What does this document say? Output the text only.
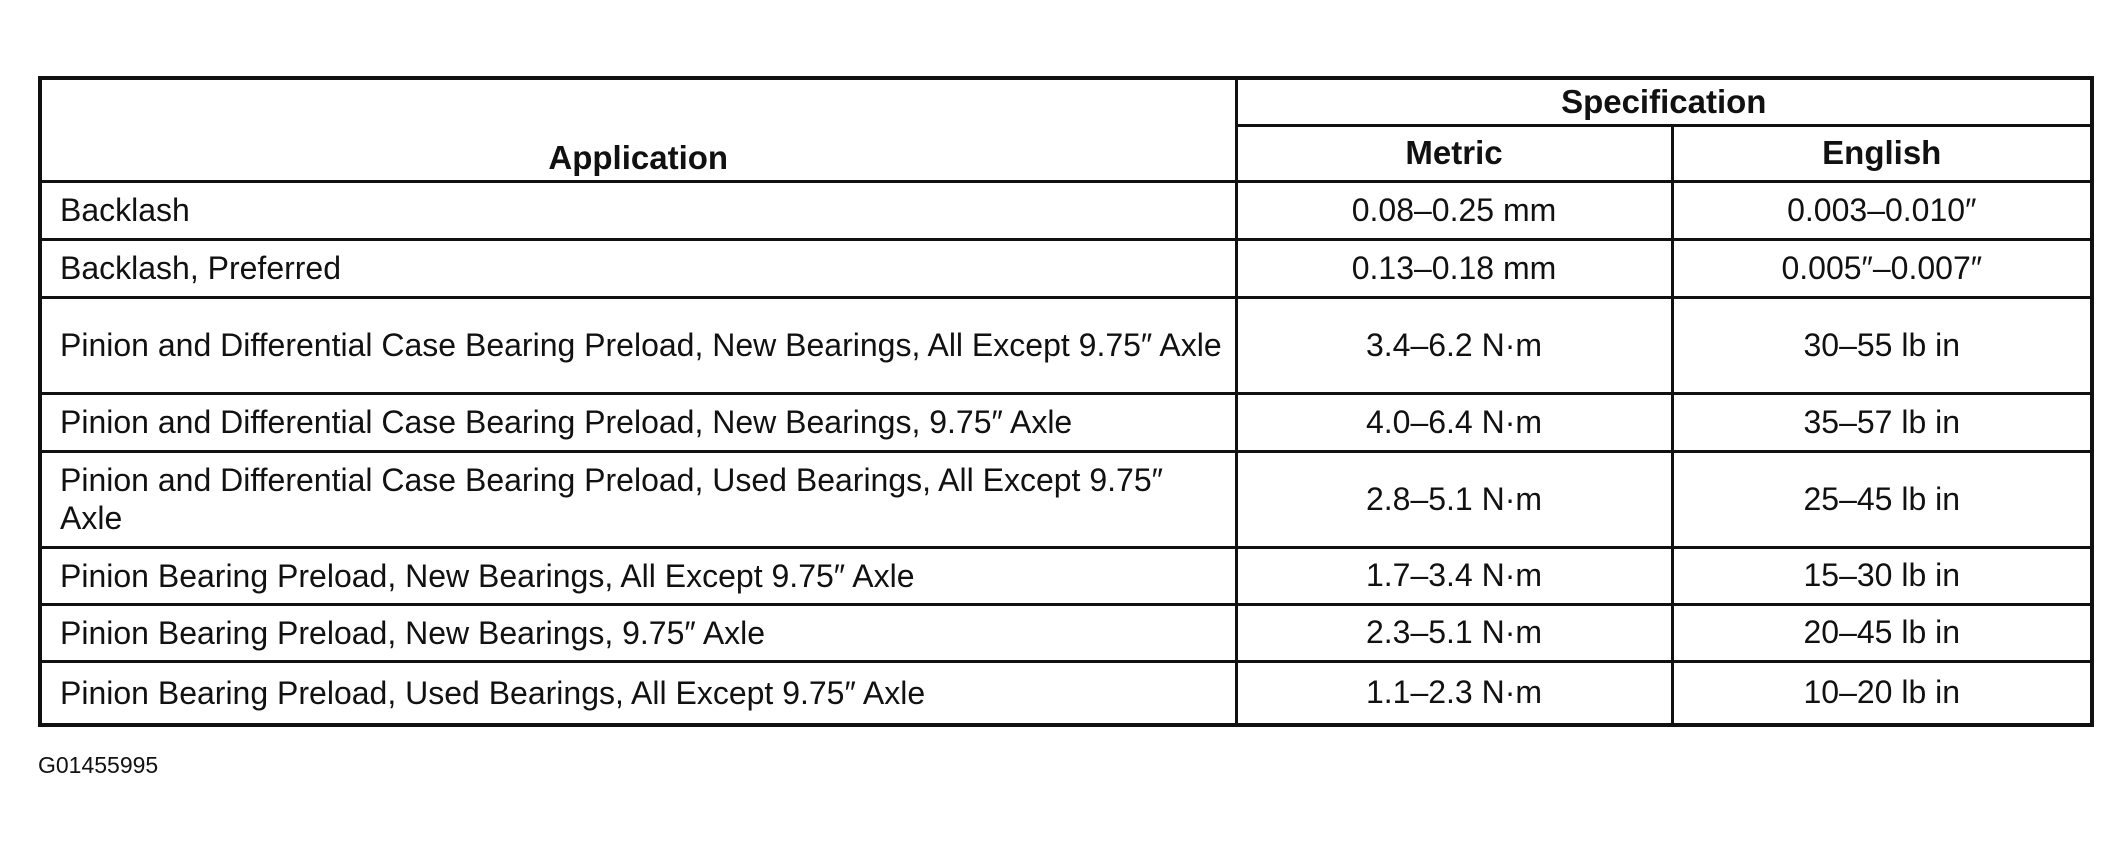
Application	Specification	
	Metric	English
Backlash	0.08–0.25 mm	0.003–0.010″
Backlash, Preferred	0.13–0.18 mm	0.005″–0.007″
Pinion and Differential Case Bearing Preload, New Bearings, All Except 9.75″ Axle	3.4–6.2 N·m	30–55 lb in
Pinion and Differential Case Bearing Preload, New Bearings, 9.75″ Axle	4.0–6.4 N·m	35–57 lb in
Pinion and Differential Case Bearing Preload, Used Bearings, All Except 9.75″ Axle	2.8–5.1 N·m	25–45 lb in
Pinion Bearing Preload, New Bearings, All Except 9.75″ Axle	1.7–3.4 N·m	15–30 lb in
Pinion Bearing Preload, New Bearings, 9.75″ Axle	2.3–5.1 N·m	20–45 lb in
Pinion Bearing Preload, Used Bearings, All Except 9.75″ Axle	1.1–2.3 N·m	10–20 lb in
G01455995
